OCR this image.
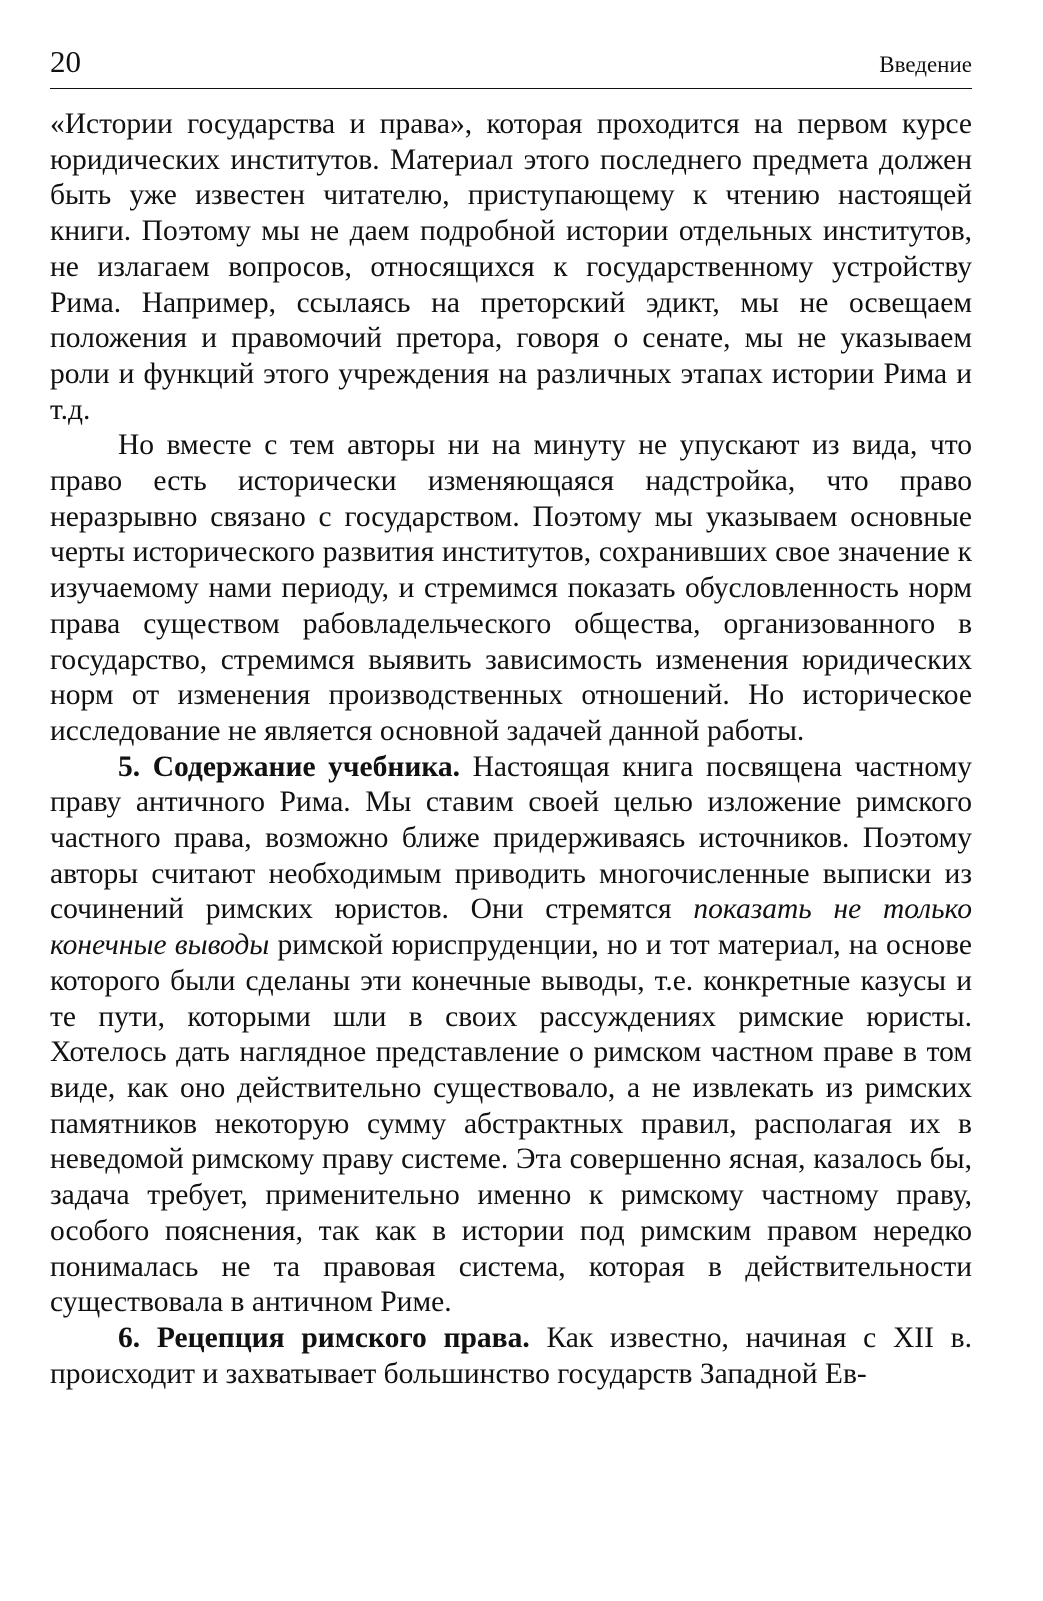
20	Введение

«Истории государства и права», которая проходится на первом курсе юридических институтов. Материал этого последнего предмета должен быть уже известен читателю, приступающему к чтению настоящей книги. Поэтому мы не даем подробной истории отдельных институтов, не излагаем вопросов, относящихся к государственному устройству Рима. Например, ссылаясь на преторский эдикт, мы не освещаем положения и правомочий претора, говоря о сенате, мы не указываем роли и функций этого учреждения на различных этапах истории Рима и т.д.

Но вместе с тем авторы ни на минуту не упускают из вида, что право есть исторически изменяющаяся надстройка, что право неразрывно связано с государством. Поэтому мы указываем основные черты исторического развития институтов, сохранивших свое значение к изучаемому нами периоду, и стремимся показать обусловленность норм права существом рабовладельческого общества, организованного в государство, стремимся выявить зависимость изменения юридических норм от изменения производственных отношений. Но историческое исследование не является основной задачей данной работы.

5. Содержание учебника. Настоящая книга посвящена частному праву античного Рима. Мы ставим своей целью изложение римского частного права, возможно ближе придерживаясь источников. Поэтому авторы считают необходимым приводить многочисленные выписки из сочинений римских юристов. Они стремятся показать не только конечные выводы римской юриспруденции, но и тот материал, на основе которого были сделаны эти конечные выводы, т.е. конкретные казусы и те пути, которыми шли в своих рассуждениях римские юристы. Хотелось дать наглядное представление о римском частном праве в том виде, как оно действительно существовало, а не извлекать из римских памятников некоторую сумму абстрактных правил, располагая их в неведомой римскому праву системе. Эта совершенно ясная, казалось бы, задача требует, применительно именно к римскому частному праву, особого пояснения, так как в истории под римским правом нередко понималась не та правовая система, которая в действительности существовала в античном Риме.

6. Рецепция римского права. Как известно, начиная с XII в. происходит и захватывает большинство государств Западной Ев-
